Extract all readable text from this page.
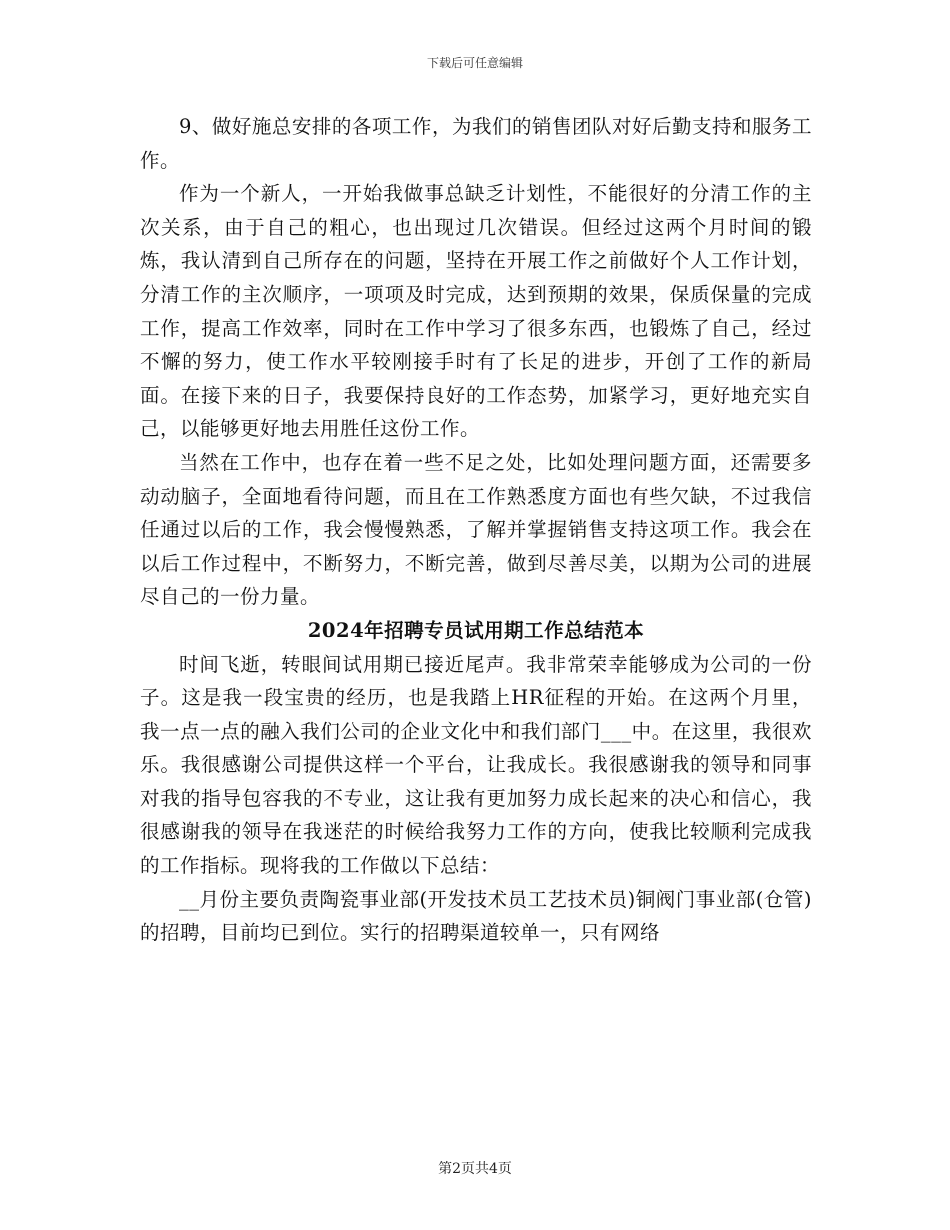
下载后可任意编辑

9、做好施总安排的各项工作，为我们的销售团队对好后勤支持和服务工作。

作为一个新人，一开始我做事总缺乏计划性，不能很好的分清工作的主次关系，由于自己的粗心，也出现过几次错误。但经过这两个月时间的锻炼，我认清到自己所存在的问题，坚持在开展工作之前做好个人工作计划，分清工作的主次顺序，一项项及时完成，达到预期的效果，保质保量的完成工作，提高工作效率，同时在工作中学习了很多东西，也锻炼了自己，经过不懈的努力，使工作水平较刚接手时有了长足的进步，开创了工作的新局面。在接下来的日子，我要保持良好的工作态势，加紧学习，更好地充实自己，以能够更好地去用胜任这份工作。

当然在工作中，也存在着一些不足之处，比如处理问题方面，还需要多动动脑子，全面地看待问题，而且在工作熟悉度方面也有些欠缺，不过我信任通过以后的工作，我会慢慢熟悉，了解并掌握销售支持这项工作。我会在以后工作过程中，不断努力，不断完善，做到尽善尽美，以期为公司的进展尽自己的一份力量。

2024年招聘专员试用期工作总结范本

时间飞逝，转眼间试用期已接近尾声。我非常荣幸能够成为公司的一份子。这是我一段宝贵的经历，也是我踏上HR征程的开始。在这两个月里，我一点一点的融入我们公司的企业文化中和我们部门___中。在这里，我很欢乐。我很感谢公司提供这样一个平台，让我成长。我很感谢我的领导和同事对我的指导包容我的不专业，这让我有更加努力成长起来的决心和信心，我很感谢我的领导在我迷茫的时候给我努力工作的方向，使我比较顺利完成我的工作指标。现将我的工作做以下总结：

__月份主要负责陶瓷事业部(开发技术员工艺技术员)铜阀门事业部(仓管)的招聘，目前均已到位。实行的招聘渠道较单一，只有网络

第2页共4页
